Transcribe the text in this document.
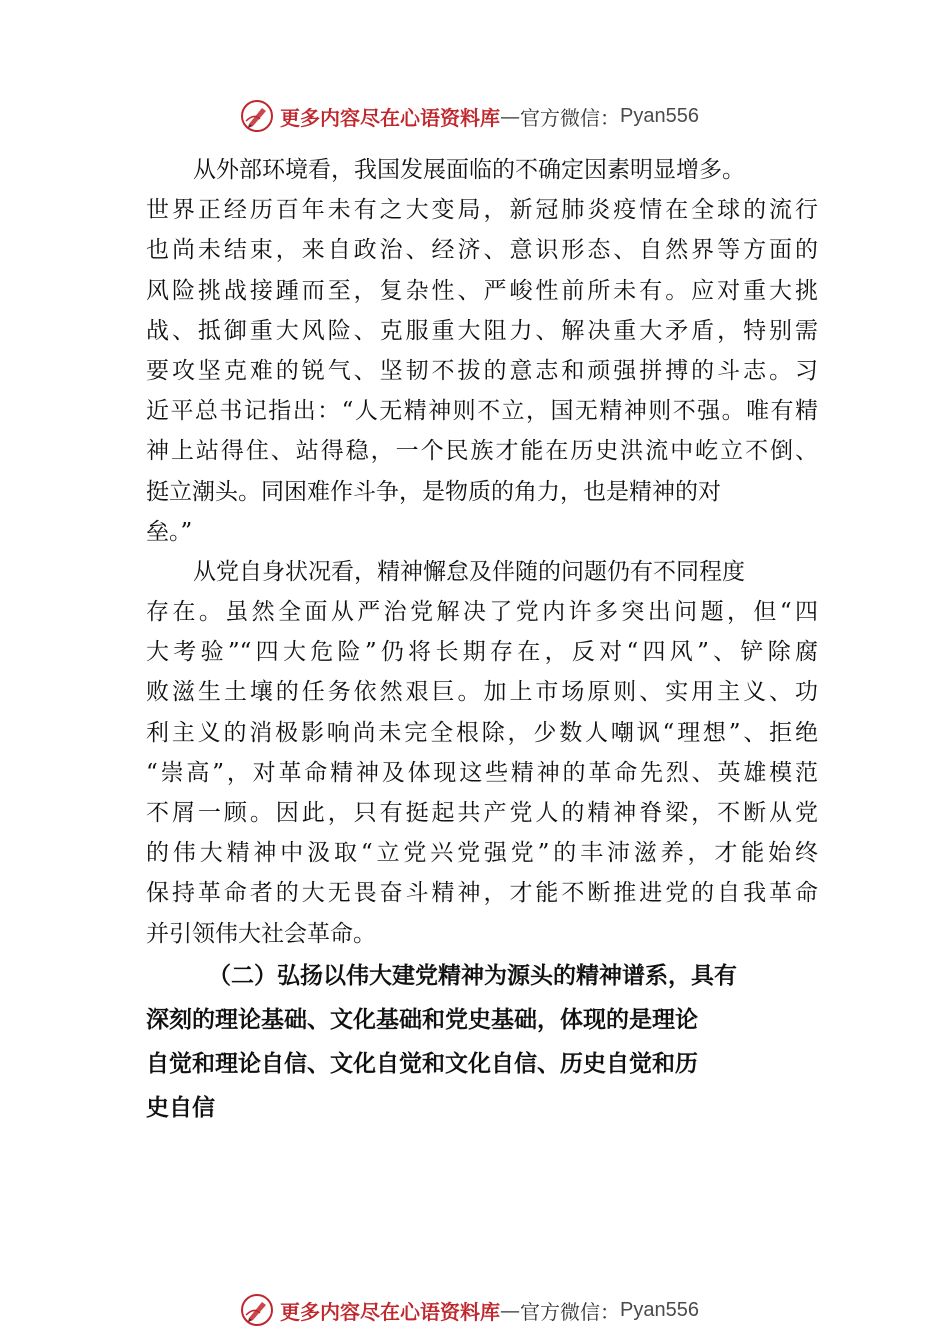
更多内容尽在心语资料库 — 官方微信： Pyan556
从外部环境看，我国发展面临的不确定因素明显增多。
世界正经历百年未有之大变局，新冠肺炎疫情在全球的流行
也尚未结束，来自政治、经济、意识形态、自然界等方面的
风险挑战接踵而至，复杂性、严峻性前所未有。应对重大挑
战、抵御重大风险、克服重大阻力、解决重大矛盾，特别需
要攻坚克难的锐气、坚韧不拔的意志和顽强拼搏的斗志。习
近平总书记指出：“人无精神则不立，国无精神则不强。唯有精
神上站得住、站得稳，一个民族才能在历史洪流中屹立不倒、
挺立潮头。同困难作斗争，是物质的角力，也是精神的对
垒。”
从党自身状况看，精神懈怠及伴随的问题仍有不同程度
存在。虽然全面从严治党解决了党内许多突出问题，但“四
大考验”“四大危险”仍将长期存在，反对“四风”、铲除腐
败滋生土壤的任务依然艰巨。加上市场原则、实用主义、功
利主义的消极影响尚未完全根除，少数人嘲讽“理想”、拒绝
“崇高”，对革命精神及体现这些精神的革命先烈、英雄模范
不屑一顾。因此，只有挺起共产党人的精神脊梁，不断从党
的伟大精神中汲取“立党兴党强党”的丰沛滋养，才能始终
保持革命者的大无畏奋斗精神，才能不断推进党的自我革命
并引领伟大社会革命。
（二）弘扬以伟大建党精神为源头的精神谱系，具有
深刻的理论基础、文化基础和党史基础，体现的是理论
自觉和理论自信、文化自觉和文化自信、历史自觉和历
史自信
更多内容尽在心语资料库 — 官方微信： Pyan556
